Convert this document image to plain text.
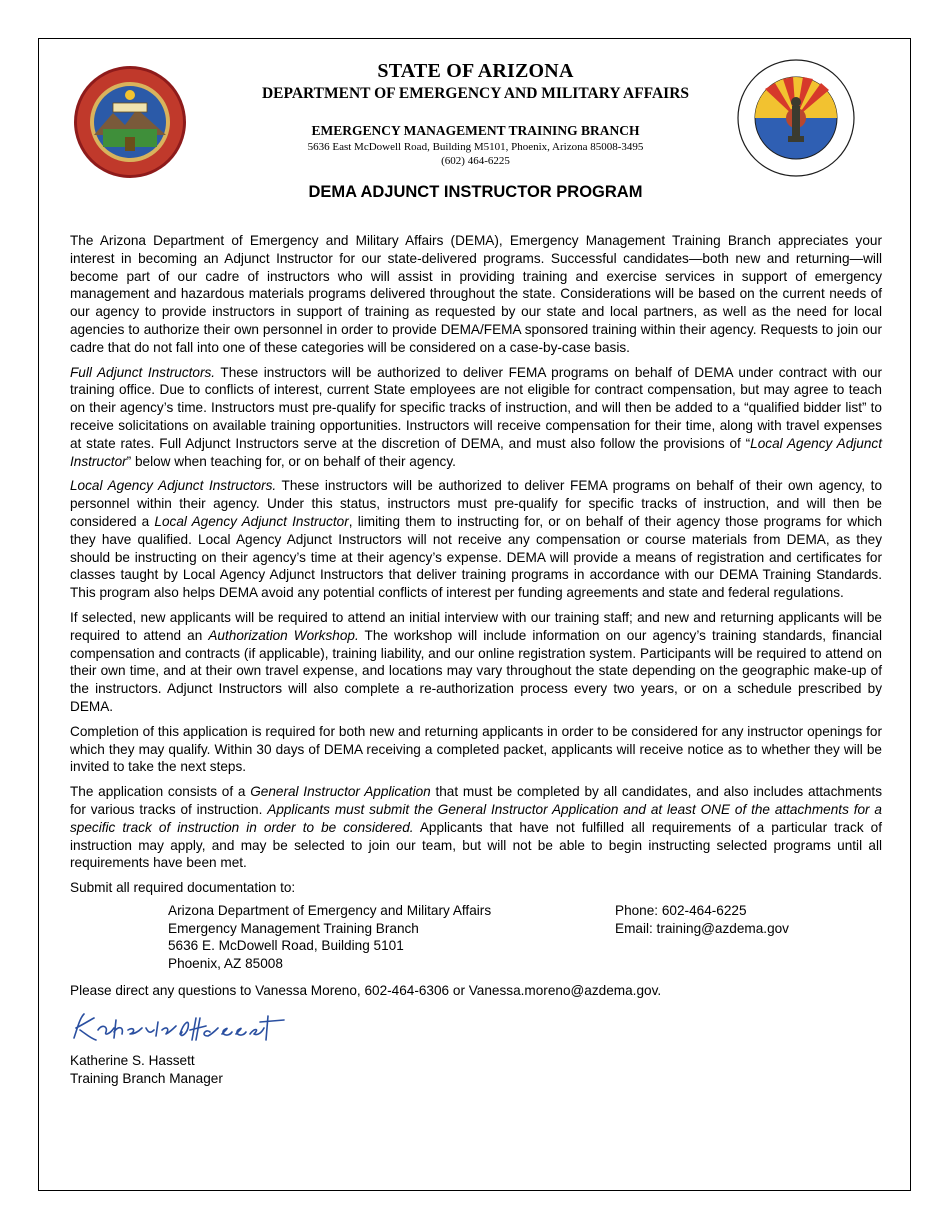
STATE OF ARIZONA
DEPARTMENT OF EMERGENCY AND MILITARY AFFAIRS
EMERGENCY MANAGEMENT TRAINING BRANCH
5636 East McDowell Road, Building M5101, Phoenix, Arizona 85008-3495
(602) 464-6225
DEMA ADJUNCT INSTRUCTOR PROGRAM

The Arizona Department of Emergency and Military Affairs (DEMA), Emergency Management Training Branch appreciates your interest in becoming an Adjunct Instructor for our state-delivered programs. Successful candidates—both new and returning—will become part of our cadre of instructors who will assist in providing training and exercise services in support of emergency management and hazardous materials programs delivered throughout the state. Considerations will be based on the current needs of our agency to provide instructors in support of training as requested by our state and local partners, as well as the need for local agencies to authorize their own personnel in order to provide DEMA/FEMA sponsored training within their agency. Requests to join our cadre that do not fall into one of these categories will be considered on a case-by-case basis.

Full Adjunct Instructors. These instructors will be authorized to deliver FEMA programs on behalf of DEMA under contract with our training office. Due to conflicts of interest, current State employees are not eligible for contract compensation, but may agree to teach on their agency’s time. Instructors must pre-qualify for specific tracks of instruction, and will then be added to a “qualified bidder list” to receive solicitations on available training opportunities. Instructors will receive compensation for their time, along with travel expenses at state rates. Full Adjunct Instructors serve at the discretion of DEMA, and must also follow the provisions of “Local Agency Adjunct Instructor” below when teaching for, or on behalf of their agency.

Local Agency Adjunct Instructors. These instructors will be authorized to deliver FEMA programs on behalf of their own agency, to personnel within their agency. Under this status, instructors must pre-qualify for specific tracks of instruction, and will then be considered a Local Agency Adjunct Instructor, limiting them to instructing for, or on behalf of their agency those programs for which they have qualified. Local Agency Adjunct Instructors will not receive any compensation or course materials from DEMA, as they should be instructing on their agency’s time at their agency’s expense. DEMA will provide a means of registration and certificates for classes taught by Local Agency Adjunct Instructors that deliver training programs in accordance with our DEMA Training Standards. This program also helps DEMA avoid any potential conflicts of interest per funding agreements and state and federal regulations.

If selected, new applicants will be required to attend an initial interview with our training staff; and new and returning applicants will be required to attend an Authorization Workshop. The workshop will include information on our agency’s training standards, financial compensation and contracts (if applicable), training liability, and our online registration system. Participants will be required to attend on their own time, and at their own travel expense, and locations may vary throughout the state depending on the geographic make-up of the instructors. Adjunct Instructors will also complete a re-authorization process every two years, or on a schedule prescribed by DEMA.

Completion of this application is required for both new and returning applicants in order to be considered for any instructor openings for which they may qualify. Within 30 days of DEMA receiving a completed packet, applicants will receive notice as to whether they will be invited to take the next steps.

The application consists of a General Instructor Application that must be completed by all candidates, and also includes attachments for various tracks of instruction. Applicants must submit the General Instructor Application and at least ONE of the attachments for a specific track of instruction in order to be considered. Applicants that have not fulfilled all requirements of a particular track of instruction may apply, and may be selected to join our team, but will not be able to begin instructing selected programs until all requirements have been met.

Submit all required documentation to:
Arizona Department of Emergency and Military Affairs
Emergency Management Training Branch
5636 E. McDowell Road, Building 5101
Phoenix, AZ 85008
Phone: 602-464-6225
Email: training@azdema.gov
Please direct any questions to Vanessa Moreno, 602-464-6306 or Vanessa.moreno@azdema.gov.
Katherine S. Hassett
Training Branch Manager
